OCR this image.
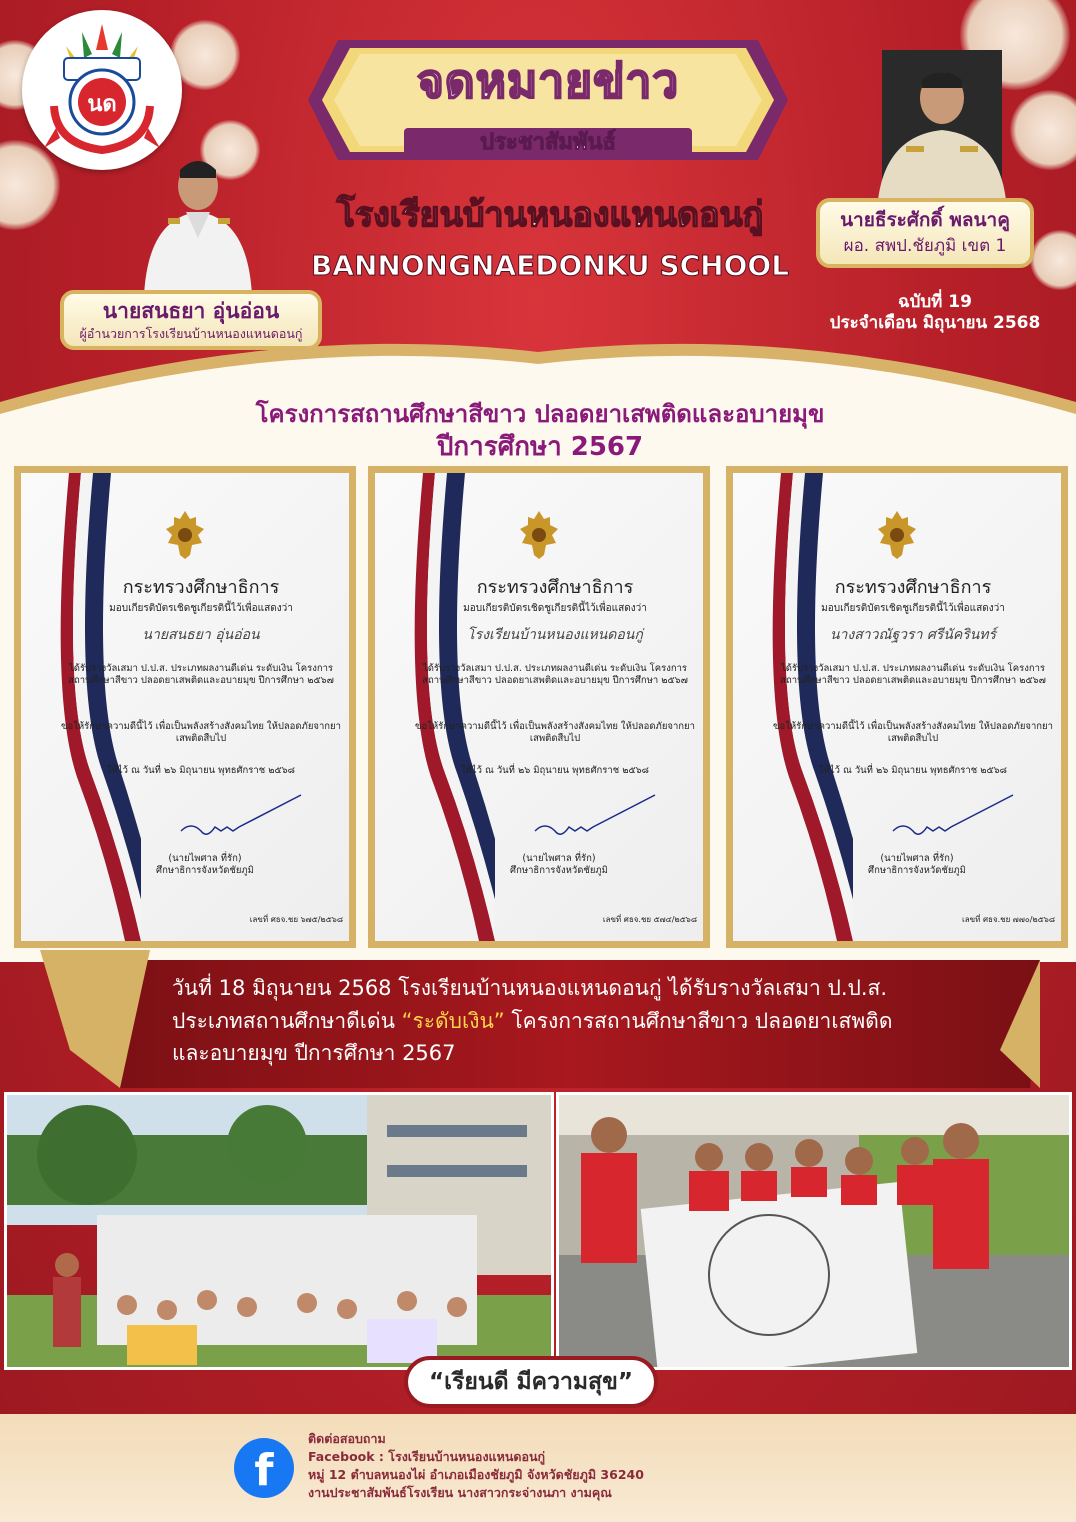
นด	จดหมายข่าว
ประชาสัมพันธ์
โรงเรียนบ้านหนองแหนดอนกู่
BANNONGNAEDONKU SCHOOL
นายสนธยา อุ่นอ่อน
ผู้อำนวยการโรงเรียนบ้านหนองแหนดอนกู่
นายธีระศักดิ์ พลนาคู
ผอ. สพป.ชัยภูมิ เขต 1
ฉบับที่ 19
ประจำเดือน มิถุนายน 2568
โครงการสถานศึกษาสีขาว ปลอดยาเสพติดและอบายมุข
ปีการศึกษา 2567
กระทรวงศึกษาธิการ
มอบเกียรติบัตรเชิดชูเกียรตินี้ไว้เพื่อแสดงว่า
นายสนธยา อุ่นอ่อน
ได้รับรางวัลเสมา ป.ป.ส. ประเภทผลงานดีเด่น ระดับเงิน โครงการสถานศึกษาสีขาว ปลอดยาเสพติดและอบายมุข ปีการศึกษา ๒๕๖๗
ขอให้รักษาความดีนี้ไว้ เพื่อเป็นพลังสร้างสังคมไทย ให้ปลอดภัยจากยาเสพติดสืบไป
ให้ไว้ ณ วันที่ ๒๖ มิถุนายน พุทธศักราช ๒๕๖๘
(นายไพศาล ที่รัก)
ศึกษาธิการจังหวัดชัยภูมิ
เลขที่ ศธจ.ชย ๖๗๕/๒๕๖๘
กระทรวงศึกษาธิการ
มอบเกียรติบัตรเชิดชูเกียรตินี้ไว้เพื่อแสดงว่า
โรงเรียนบ้านหนองแหนดอนกู่
ได้รับรางวัลเสมา ป.ป.ส. ประเภทผลงานดีเด่น ระดับเงิน โครงการสถานศึกษาสีขาว ปลอดยาเสพติดและอบายมุข ปีการศึกษา ๒๕๖๗
ขอให้รักษาความดีนี้ไว้ เพื่อเป็นพลังสร้างสังคมไทย ให้ปลอดภัยจากยาเสพติดสืบไป
ให้ไว้ ณ วันที่ ๒๖ มิถุนายน พุทธศักราช ๒๕๖๘
(นายไพศาล ที่รัก)
ศึกษาธิการจังหวัดชัยภูมิ
เลขที่ ศธจ.ชย ๕๗๔/๒๕๖๘
กระทรวงศึกษาธิการ
มอบเกียรติบัตรเชิดชูเกียรตินี้ไว้เพื่อแสดงว่า
นางสาวณัฐวรา ศรีนัครินทร์
ได้รับรางวัลเสมา ป.ป.ส. ประเภทผลงานดีเด่น ระดับเงิน โครงการสถานศึกษาสีขาว ปลอดยาเสพติดและอบายมุข ปีการศึกษา ๒๕๖๗
ขอให้รักษาความดีนี้ไว้ เพื่อเป็นพลังสร้างสังคมไทย ให้ปลอดภัยจากยาเสพติดสืบไป
ให้ไว้ ณ วันที่ ๒๖ มิถุนายน พุทธศักราช ๒๕๖๘
(นายไพศาล ที่รัก)
ศึกษาธิการจังหวัดชัยภูมิ
เลขที่ ศธจ.ชย ๗๗๐/๒๕๖๘
วันที่ 18 มิถุนายน 2568 โรงเรียนบ้านหนองแหนดอนกู่ ได้รับรางวัลเสมา ป.ป.ส.
ประเภทสถานศึกษาดีเด่น “ระดับเงิน” โครงการสถานศึกษาสีขาว ปลอดยาเสพติด
และอบายมุข ปีการศึกษา 2567
“เรียนดี มีความสุข”
f
ติดต่อสอบถาม
Facebook : โรงเรียนบ้านหนองแหนดอนกู่
หมู่ 12 ตำบลหนองไผ่ อำเภอเมืองชัยภูมิ จังหวัดชัยภูมิ 36240
งานประชาสัมพันธ์โรงเรียน นางสาวกระจ่างนภา งามคุณ
